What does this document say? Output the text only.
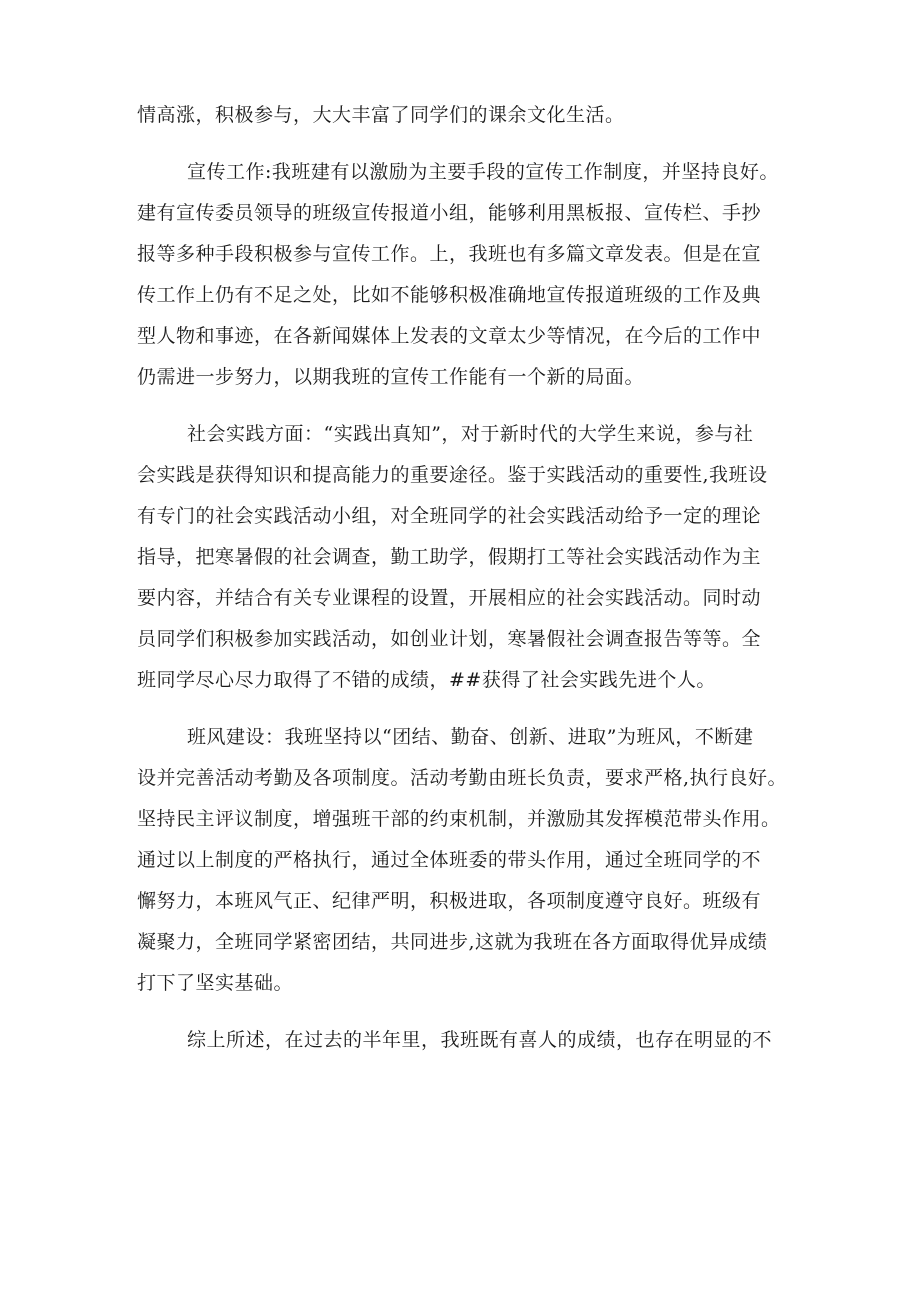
情高涨，积极参与，大大丰富了同学们的课余文化生活。
宣传工作:我班建有以激励为主要手段的宣传工作制度，并坚持良好。
建有宣传委员领导的班级宣传报道小组，能够利用黑板报、宣传栏、手抄
报等多种手段积极参与宣传工作。上，我班也有多篇文章发表。但是在宣
传工作上仍有不足之处，比如不能够积极准确地宣传报道班级的工作及典
型人物和事迹，在各新闻媒体上发表的文章太少等情况，在今后的工作中
仍需进一步努力，以期我班的宣传工作能有一个新的局面。
社会实践方面：“实践出真知”，对于新时代的大学生来说，参与社
会实践是获得知识和提高能力的重要途径。鉴于实践活动的重要性,我班设
有专门的社会实践活动小组，对全班同学的社会实践活动给予一定的理论
指导，把寒暑假的社会调查，勤工助学，假期打工等社会实践活动作为主
要内容，并结合有关专业课程的设置，开展相应的社会实践活动。同时动
员同学们积极参加实践活动，如创业计划，寒暑假社会调查报告等等。全
班同学尽心尽力取得了不错的成绩，##获得了社会实践先进个人。
班风建设：我班坚持以“团结、勤奋、创新、进取”为班风，不断建
设并完善活动考勤及各项制度。活动考勤由班长负责，要求严格,执行良好。
坚持民主评议制度，增强班干部的约束机制，并激励其发挥模范带头作用。
通过以上制度的严格执行，通过全体班委的带头作用，通过全班同学的不
懈努力，本班风气正、纪律严明，积极进取，各项制度遵守良好。班级有
凝聚力，全班同学紧密团结，共同进步,这就为我班在各方面取得优异成绩
打下了坚实基础。
综上所述，在过去的半年里，我班既有喜人的成绩，也存在明显的不
